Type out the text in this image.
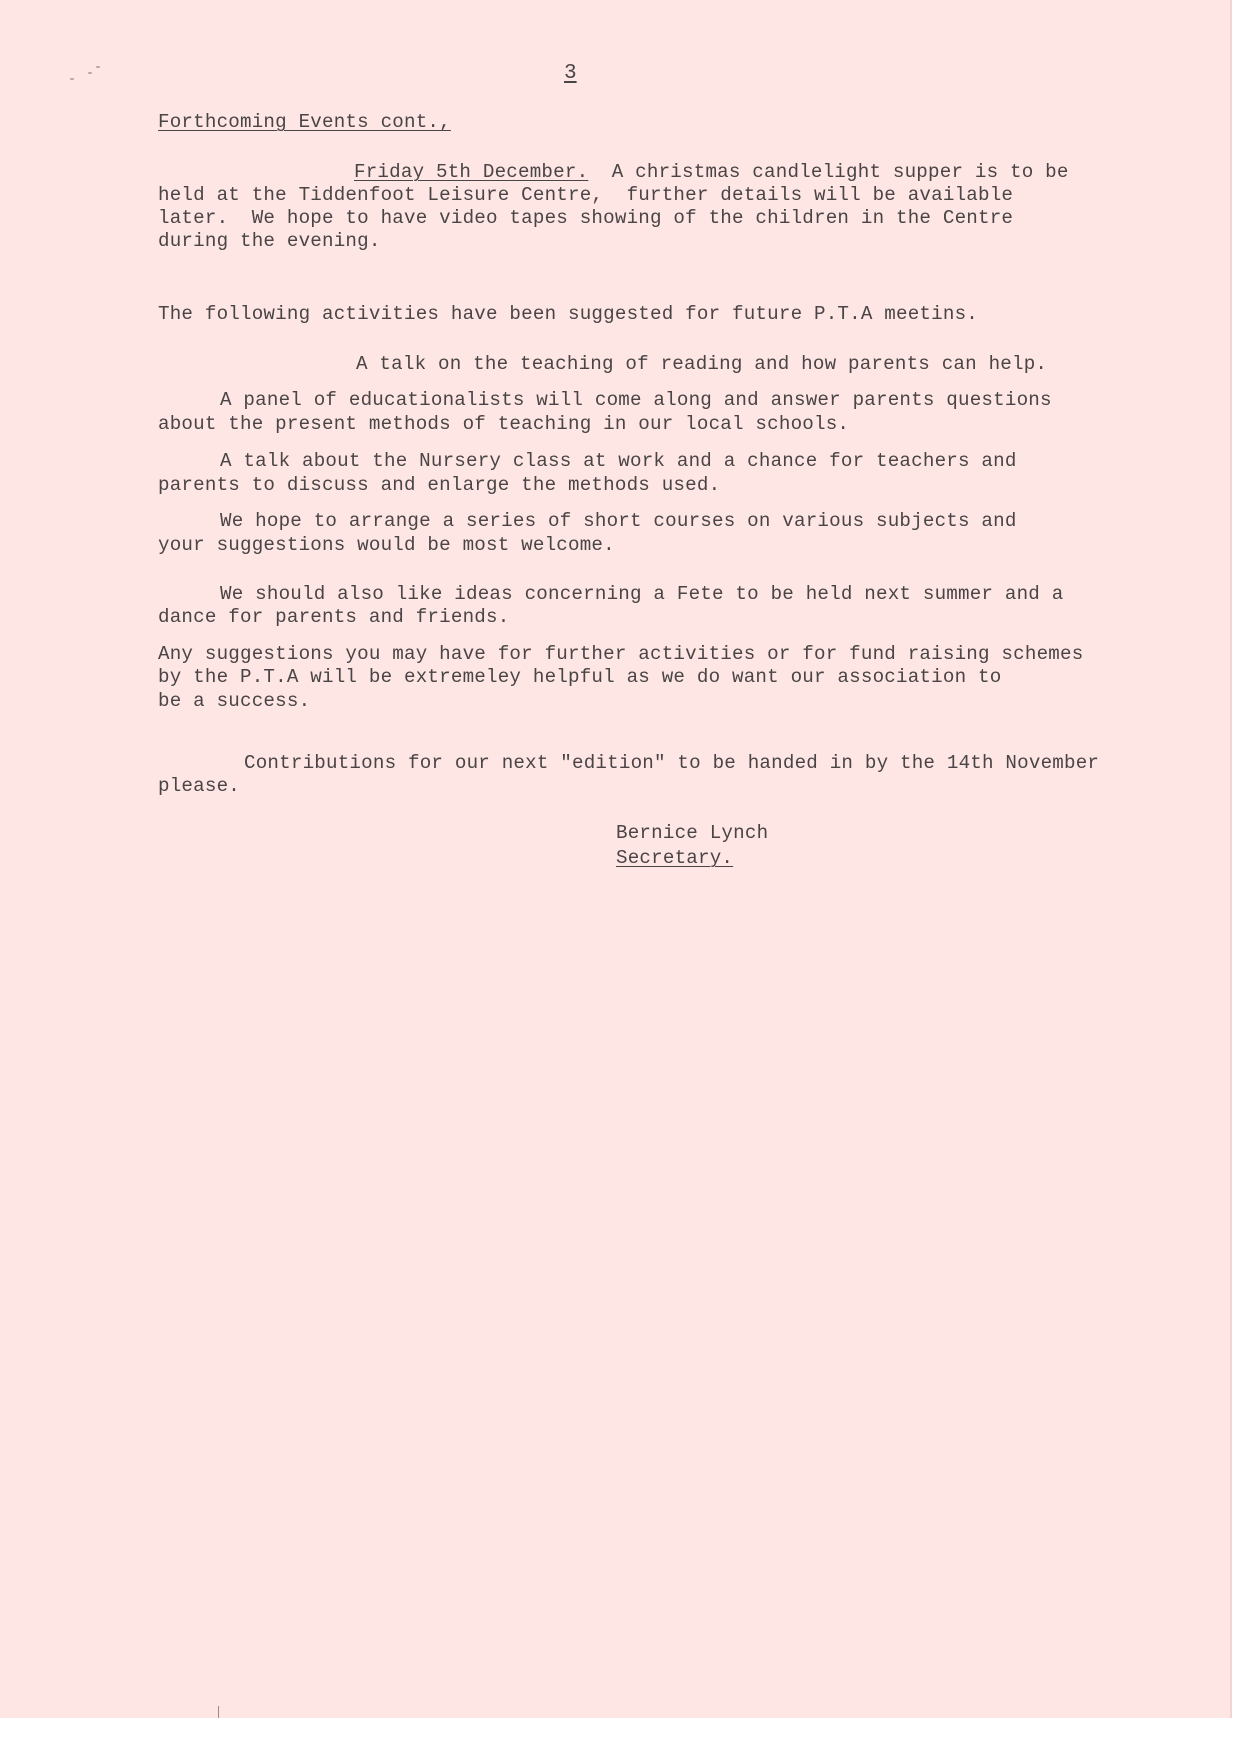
3
Forthcoming Events cont.,
Friday 5th December.  A christmas candlelight supper is to be
held at the Tiddenfoot Leisure Centre,  further details will be available
later.  We hope to have video tapes showing of the children in the Centre
during the evening.
The following activities have been suggested for future P.T.A meetins.
A talk on the teaching of reading and how parents can help.
A panel of educationalists will come along and answer parents questions
about the present methods of teaching in our local schools.
A talk about the Nursery class at work and a chance for teachers and
parents to discuss and enlarge the methods used.
We hope to arrange a series of short courses on various subjects and
your suggestions would be most welcome.
We should also like ideas concerning a Fete to be held next summer and a
dance for parents and friends.
Any suggestions you may have for further activities or for fund raising schemes
by the P.T.A will be extremeley helpful as we do want our association to
be a success.
Contributions for our next "edition" to be handed in by the 14th November
please.
Bernice Lynch
Secretary.
